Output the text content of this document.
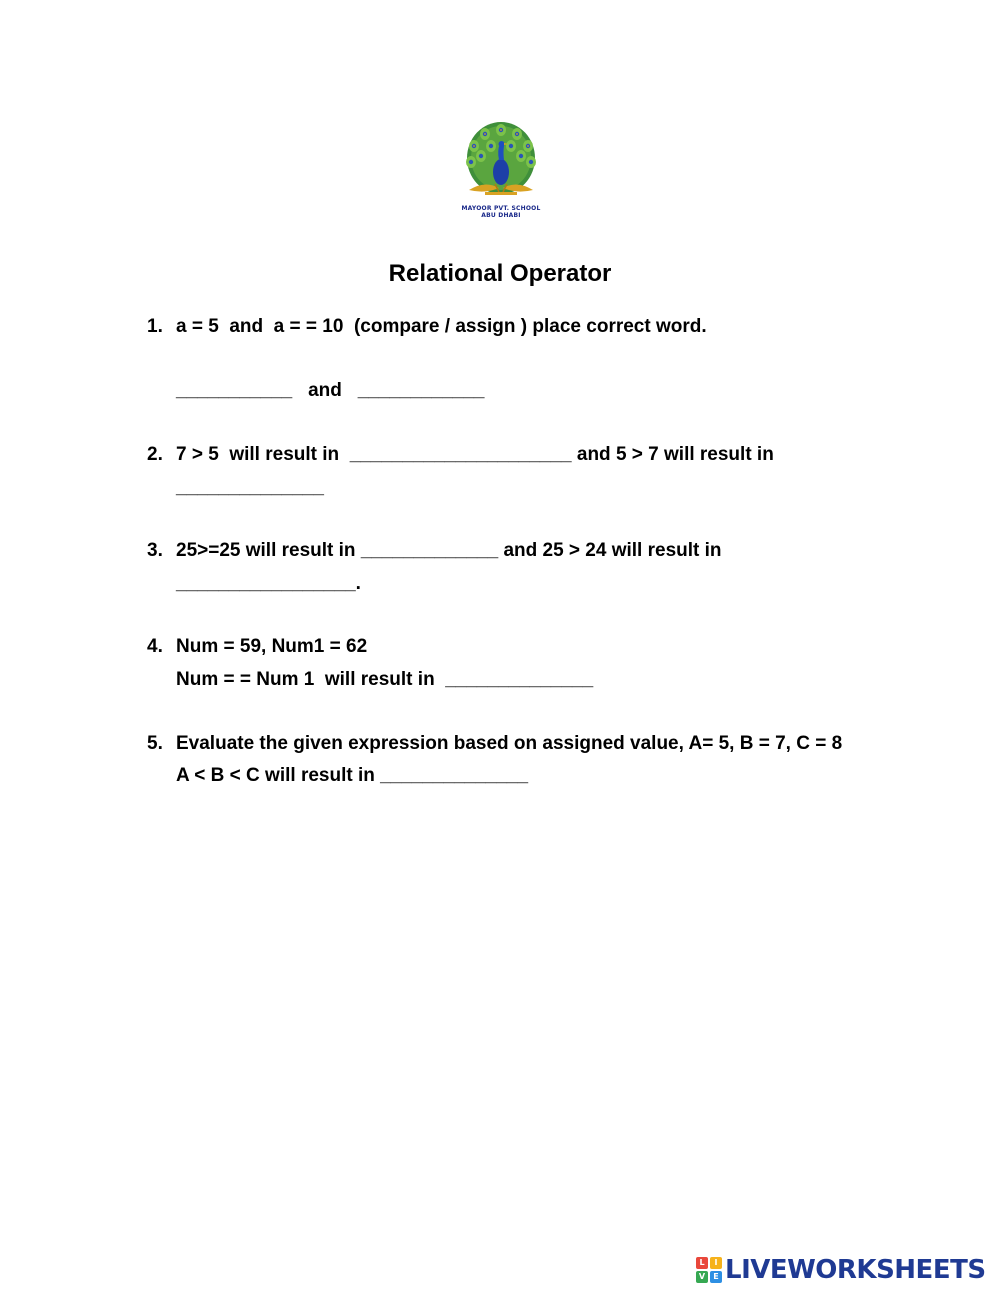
MAYOOR PVT. SCHOOL
ABU DHABI
Relational Operator
1. a = 5  and  a = = 10  (compare / assign ) place correct word.
___________   and   ____________
2. 7 > 5  will result in  _____________________ and 5 > 7 will result in
______________
3. 25>=25 will result in _____________ and 25 > 24 will result in
_________________.
4. Num = 59, Num1 = 62
Num = = Num 1  will result in  ______________
5. Evaluate the given expression based on assigned value, A= 5, B = 7, C = 8
A < B < C will result in ______________
L	I
V	E LIVEWORKSHEETS
